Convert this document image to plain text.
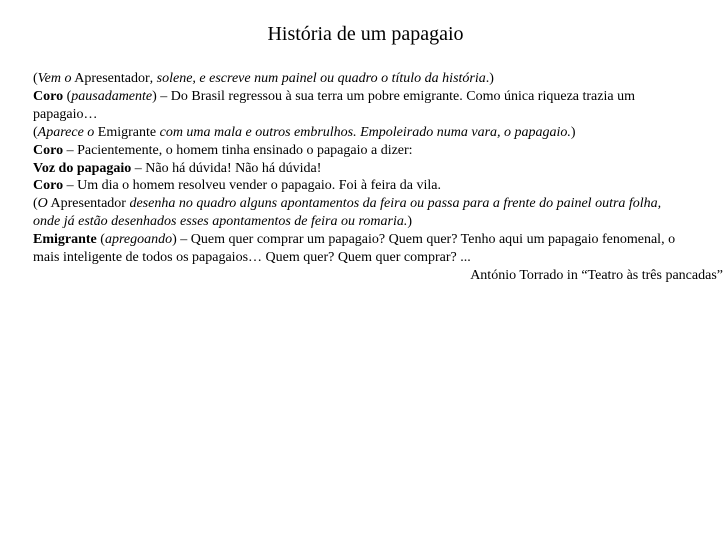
História de um papagaio
(Vem o Apresentador, solene, e escreve num painel ou quadro o título da história.)
Coro (pausadamente) – Do Brasil regressou à sua terra um pobre emigrante. Como única riqueza trazia um
papagaio…
(Aparece o Emigrante com uma mala e outros embrulhos. Empoleirado numa vara, o papagaio.)
Coro – Pacientemente, o homem tinha ensinado o papagaio a dizer:
Voz do papagaio – Não há dúvida! Não há dúvida!
Coro – Um dia o homem resolveu vender o papagaio. Foi à feira da vila.
(O Apresentador desenha no quadro alguns apontamentos da feira ou passa para a frente do painel outra folha,
onde já estão desenhados esses apontamentos de feira ou romaria.)
Emigrante (apregoando) – Quem quer comprar um papagaio? Quem quer? Tenho aqui um papagaio fenomenal, o
mais inteligente de todos os papagaios… Quem quer? Quem quer comprar? ...
António Torrado in “Teatro às três pancadas”
